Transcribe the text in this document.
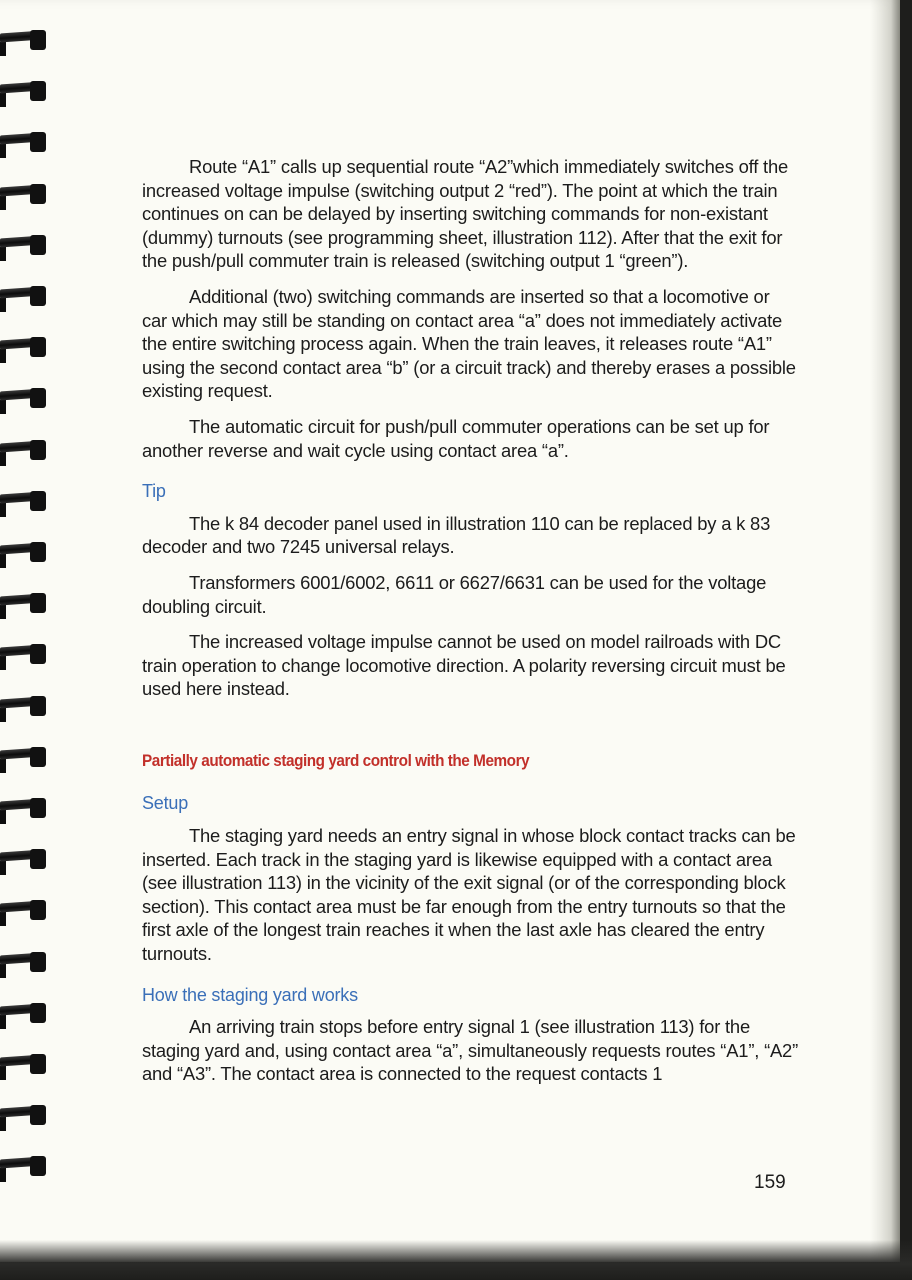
Route “A1” calls up sequential route “A2”which immediately switches off the increased voltage impulse (switching output 2 “red”). The point at which the train continues on can be delayed by inserting switching commands for non-existant (dummy) turnouts (see programming sheet, illustration 112). After that the exit for the push/pull commuter train is released (switching output 1 “green”).

Additional (two) switching commands are inserted so that a locomotive or car which may still be standing on contact area “a” does not immediately activate the entire switching process again. When the train leaves, it releases route “A1” using the second contact area “b” (or a circuit track) and thereby erases a possible existing request.

The automatic circuit for push/pull commuter operations can be set up for another reverse and wait cycle using contact area “a”.

Tip

The k 84 decoder panel used in illustration 110 can be replaced by a k 83 decoder and two 7245 universal relays.

Transformers 6001/6002, 6611 or 6627/6631 can be used for the voltage doubling circuit.

The increased voltage impulse cannot be used on model railroads with DC train operation to change locomotive direction. A polarity reversing circuit must be used here instead.

Partially automatic staging yard control with the Memory
Setup

The staging yard needs an entry signal in whose block contact tracks can be inserted. Each track in the staging yard is likewise equipped with a contact area (see illustration 113) in the vicinity of the exit signal (or of the corresponding block section). This contact area must be far enough from the entry turnouts so that the first axle of the longest train reaches it when the last axle has cleared the entry turnouts.

How the staging yard works

An arriving train stops before entry signal 1 (see illustration 113) for the staging yard and, using contact area “a”, simultaneously requests routes “A1”, “A2” and “A3”. The contact area is connected to the request contacts 1

159
